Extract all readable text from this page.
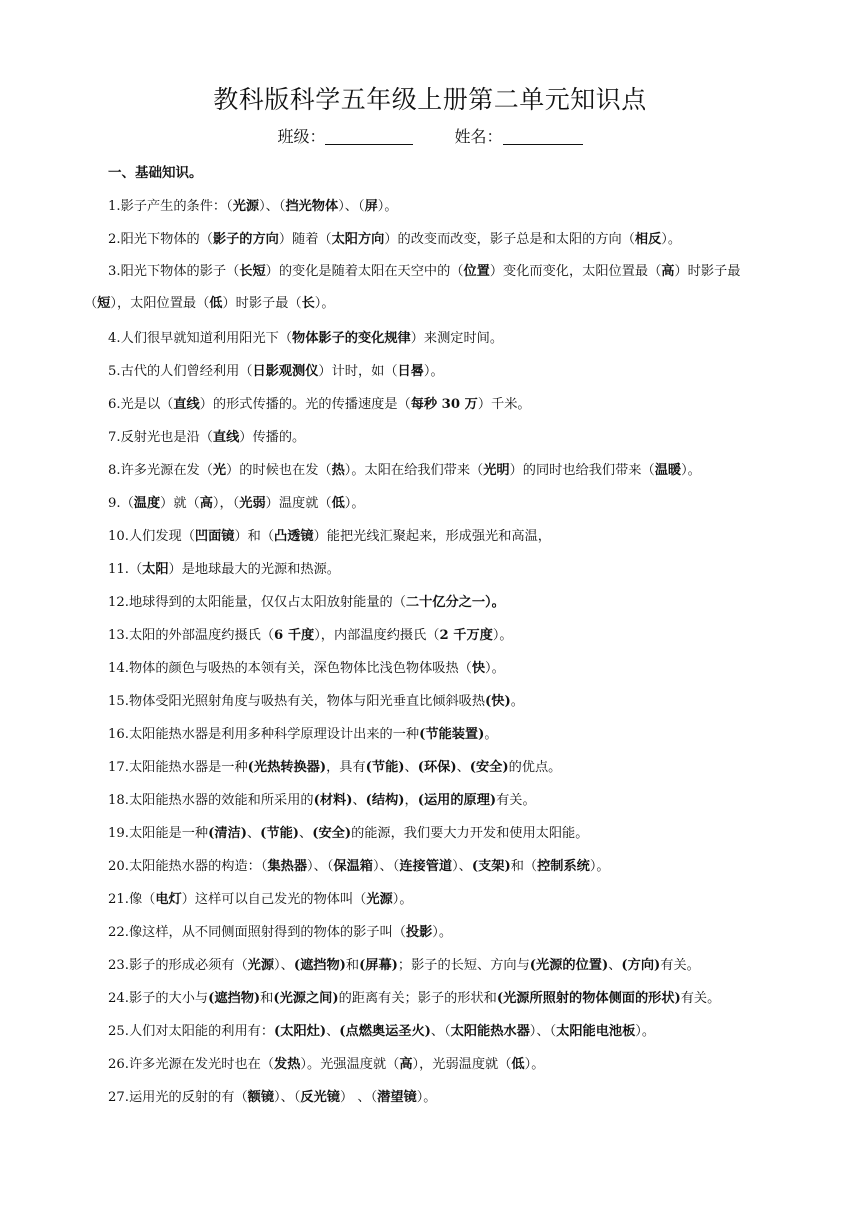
教科版科学五年级上册第二单元知识点
班级：	姓名：
一、基础知识。
1.影子产生的条件：（光源）、（挡光物体）、（屏）。
2.阳光下物体的（影子的方向）随着（太阳方向）的改变而改变，影子总是和太阳的方向（相反）。
3.阳光下物体的影子（长短）的变化是随着太阳在天空中的（位置）变化而变化，太阳位置最（高）时影子最（短），太阳位置最（低）时影子最（长）。
4.人们很早就知道利用阳光下（物体影子的变化规律）来测定时间。
5.古代的人们曾经利用（日影观测仪）计时，如（日晷）。
6.光是以（直线）的形式传播的。光的传播速度是（每秒 30 万）千米。
7.反射光也是沿（直线）传播的。
8.许多光源在发（光）的时候也在发（热）。太阳在给我们带来（光明）的同时也给我们带来（温暖）。
9.（温度）就（高），（光弱）温度就（低）。
10.人们发现（凹面镜）和（凸透镜）能把光线汇聚起来，形成强光和高温，
11.（太阳）是地球最大的光源和热源。
12.地球得到的太阳能量，仅仅占太阳放射能量的（二十亿分之一）。
13.太阳的外部温度约摄氏（6 千度），内部温度约摄氏（2 千万度）。
14.物体的颜色与吸热的本领有关，深色物体比浅色物体吸热（快）。
15.物体受阳光照射角度与吸热有关，物体与阳光垂直比倾斜吸热(快)。
16.太阳能热水器是利用多种科学原理设计出来的一种(节能装置)。
17.太阳能热水器是一种(光热转换器)，具有(节能)、(环保)、(安全)的优点。
18.太阳能热水器的效能和所采用的(材料)、(结构)，(运用的原理)有关。
19.太阳能是一种(清洁)、(节能)、(安全)的能源，我们要大力开发和使用太阳能。
20.太阳能热水器的构造：（集热器）、（保温箱）、（连接管道）、(支架)和（控制系统）。
21.像（电灯）这样可以自己发光的物体叫（光源）。
22.像这样，从不同侧面照射得到的物体的影子叫（投影）。
23.影子的形成必须有（光源）、(遮挡物)和(屏幕)；影子的长短、方向与(光源的位置)、(方向)有关。
24.影子的大小与(遮挡物)和(光源之间)的距离有关；影子的形状和(光源所照射的物体侧面的形状)有关。
25.人们对太阳能的利用有：(太阳灶)、(点燃奥运圣火)、（太阳能热水器）、（太阳能电池板）。
26.许多光源在发光时也在（发热）。光强温度就（高），光弱温度就（低）。
27.运用光的反射的有（额镜）、（反光镜） 、（潜望镜）。
